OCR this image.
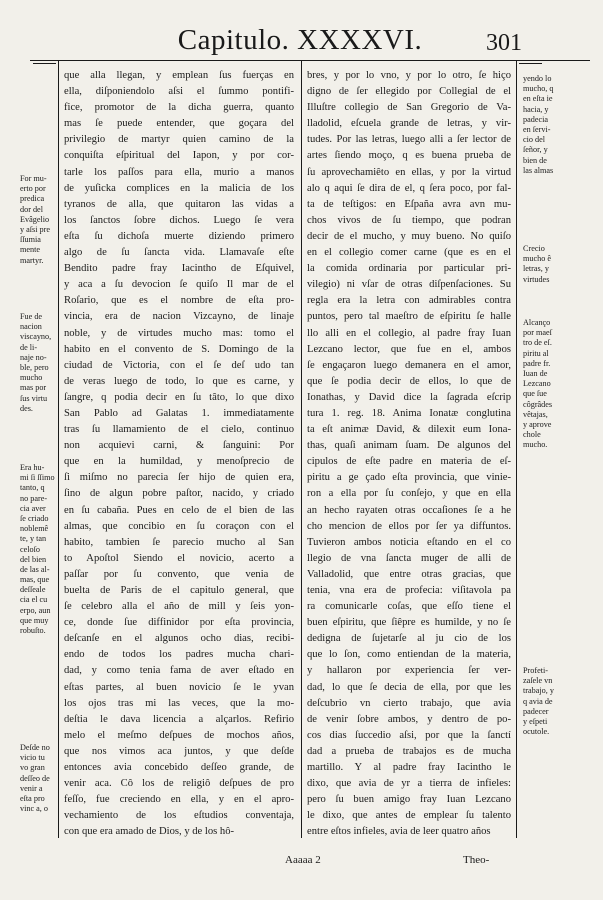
Capitulo. XXXXVI.	301
que alla llegan, y emplean ſus fuerças en
ella, diſponiendolo aſsi el ſummo pontifi-
fice, promotor de la dicha guerra, quanto
mas ſe puede entender, que goçara del
privilegio de martyr quien camino de la
conquiſta eſpiritual del Iapon, y por cor-
tarle los paſſos para ella, murio a manos
de yuſicka complices en la malicia de los
tyranos de alla, que quitaron las vidas a
los ſanctos ſobre dichos. Luego ſe vera
eſta ſu dichoſa muerte diziendo primero
algo de ſu ſancta vida. Llamavaſe eſte
Bendito padre fray Iacintho de Eſquivel,
y aca a ſu devocion ſe quiſo Il mar de el
Roſario, que es el nombre de eſta pro-
vincia, era de nacion Vizcayno, de linaje
noble, y de virtudes mucho mas: tomo el
habito en el convento de S. Domingo de la
ciudad de Victoria, con el ſe deſ udo tan
de veras luego de todo, lo que es carne, y
ſangre, q podia decir en ſu tâto, lo que dixo
San Pablo ad Galatas 1. immediatamente
tras ſu llamamiento de el cielo, continuo
non acquievi carni, & ſanguini: Por
que en la humildad, y menoſprecio de
ſi miſmo no parecia ſer hijo de quien era,
ſino de algun pobre paſtor, nacido, y criado
en ſu cabaña. Pues en celo de el bien de las
almas, que concibio en ſu coraçon con el
habito, tambien ſe parecio mucho al San
to Apoſtol Siendo el novicio, acerto a
paſſar por ſu convento, que venia de
buelta de Paris de el capitulo general, que
ſe celebro alla el año de mill y ſeis yon-
ce, donde ſue diffinidor por eſta provincia,
deſcanſe en el algunos ocho dias, recibi-
endo de todos los padres mucha chari-
dad, y como tenia fama de aver eſtado en
eſtas partes, al buen novicio ſe le yvan
los ojos tras mi las veces, que la mo-
deſtia le dava licencia a alçarlos. Refirio
melo el meſmo deſpues de mochos años,
que nos vimos aca juntos, y que deſde
entonces avia concebido deſſeo grande, de
venir aca. Cô los de religiô deſpues de pro
feſſo, fue creciendo en ella, y en el apro-
vechamiento de los eſtudios conventaja,
con que era amado de Dios, y de los hô-
bres, y por lo vno, y por lo otro, ſe hiço
digno de ſer ellegido por Collegial de el
Illuſtre collegio de San Gregorio de Va-
lladolid, eſcuela grande de letras, y vir-
tudes. Por las letras, luego alli a ſer lector de
artes ſiendo moço, q es buena prueba de
ſu aprovechamiêto en ellas, y por la virtud
alo q aqui ſe dira de el, q ſera poco, por fal-
ta de teſtigos: en Eſpaña avra avn mu-
chos vivos de ſu tiempo, que podran
decir de el mucho, y muy bueno. No quiſo
en el collegio comer carne (que es en el
la comida ordinaria por particular pri-
vilegio) ni vſar de otras diſpenſaciones. Su
regla era la letra con admirables contra
puntos, pero tal maeſtro de eſpiritu ſe halle
llo alli en el collegio, al padre fray Iuan
Lezcano lector, que fue en el, ambos
ſe engaçaron luego demanera en el amor,
que ſe podia decir de ellos, lo que de
Ionathas, y David dice la ſagrada eſcrip
tura 1. reg. 18. Anima Ionatæ conglutina
ta eſt animæ David, & dilexit eum Iona-
thas, quaſi animam ſuam. De algunos del
cipulos de eſte padre en materia de eſ-
piritu a ge çado eſta provincia, que vinie-
ron a ella por ſu conſejo, y que en ella
an hecho rayaten otras occaſiones ſe a he
cho mencion de ellos por ſer ya diffuntos.
Tuvieron ambos noticia eſtando en el co
llegio de vna ſancta muger de alli de
Valladolid, que entre otras gracias, que
tenia, vna era de profecia: viſitavola pa
ra comunicarle coſas, que eſſo tiene el
buen eſpiritu, que ſiêpre es humilde, y no ſe
dedigna de ſujetarſe al ju cio de los
que lo ſon, como entiendan de la materia,
y hallaron por experiencia ſer ver-
dad, lo que ſe decia de ella, por que les
deſcubrio vn cierto trabajo, que avia
de venir ſobre ambos, y dentro de po-
cos dias ſuccedio aſsi, por que la ſanctí
dad a prueba de trabajos es de mucha
martillo. Y al padre fray Iacintho le
dixo, que avia de yr a tierra de infieles:
pero ſu buen amigo fray Iuan Lezcano
le dixo, que antes de emplear ſu talento
entre eſtos infieles, avia de leer quatro años
For mu-
erto por
predica
dor del
Evâgelio
y aſsi pre
ſſumia
mente
martyr.
Fue de
nacion
viscayno,
de li-
naje no-
ble, pero
mucho
mas por
ſus virtu
des.
Era hu-
mi ſi ſſimo
tanto, q
no pare-
cia aver
ſe criado
noblemê
te, y tan
celoſo
del bien
de las al-
mas, que
deſſeale
cia el cu
erpo, aun
que muy
robuſto.
Deſde no
vicio tu
vo gran
deſſeo de
venir a
eſta pro
vinc a, o
yendo lo
mucho, q
en eſta ie
hacia, y
padecia
en ſervi-
cio del
ſeñor, y
bien de
las almas
Crecio
mucho ê
letras, y
virtudes
Alcanço
por maeſ
tro de eſ.
piritu al
padre fr.
Iuan de
Lezcano
que ſue
côgrâdes
vêtajas,
y aprove
chole
mucho.
Profeti-
zaſele vn
trabajo, y
q avia de
padecer
y eſpeti
ocutole.
Aaaaa 2	Theo-
